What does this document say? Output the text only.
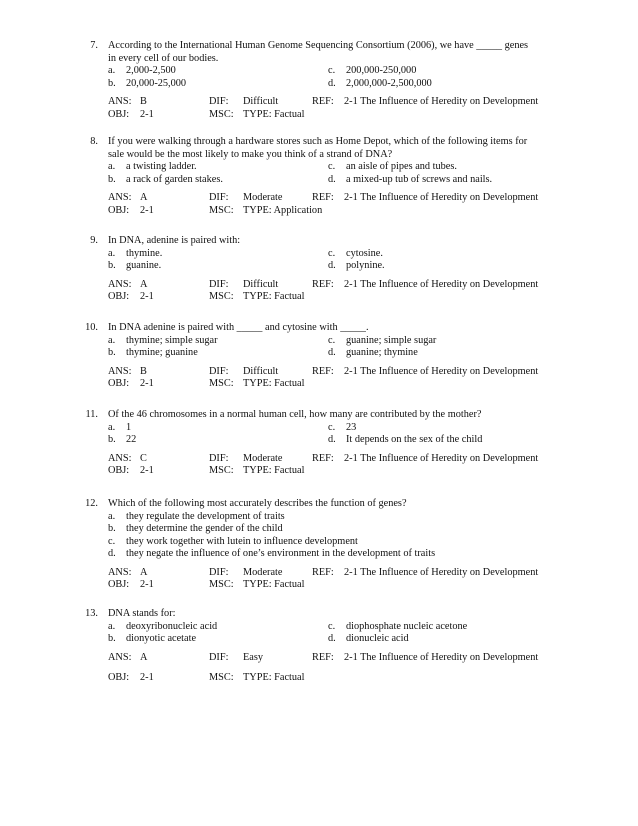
7. According to the International Human Genome Sequencing Consortium (2006), we have _____ genes
in every cell of our bodies.
a. 2,000-2,500	c. 200,000-250,000
b. 20,000-25,000	d. 2,000,000-2,500,000
ANS: B	DIF: Difficult	REF: 2-1 The Influence of Heredity on Development
OBJ: 2-1	MSC: TYPE: Factual
8. If you were walking through a hardware stores such as Home Depot, which of the following items for
sale would be the most likely to make you think of a strand of DNA?
a. a twisting ladder.	c. an aisle of pipes and tubes.
b. a rack of garden stakes.	d. a mixed-up tub of screws and nails.
ANS: A	DIF: Moderate	REF: 2-1 The Influence of Heredity on Development
OBJ: 2-1	MSC: TYPE: Application
9. In DNA, adenine is paired with:
a. thymine.	c. cytosine.
b. guanine.	d. polynine.
ANS: A	DIF: Difficult	REF: 2-1 The Influence of Heredity on Development
OBJ: 2-1	MSC: TYPE: Factual
10. In DNA adenine is paired with _____ and cytosine with _____.
a. thymine; simple sugar	c. guanine; simple sugar
b. thymine; guanine	d. guanine; thymine
ANS: B	DIF: Difficult	REF: 2-1 The Influence of Heredity on Development
OBJ: 2-1	MSC: TYPE: Factual
11. Of the 46 chromosomes in a normal human cell, how many are contributed by the mother?
a. 1	c. 23
b. 22	d. It depends on the sex of the child
ANS: C	DIF: Moderate	REF: 2-1 The Influence of Heredity on Development
OBJ: 2-1	MSC: TYPE: Factual
12. Which of the following most accurately describes the function of genes?
a. they regulate the development of traits
b. they determine the gender of the child
c. they work together with lutein to influence development
d. they negate the influence of one’s environment in the development of traits
ANS: A	DIF: Moderate	REF: 2-1 The Influence of Heredity on Development
OBJ: 2-1	MSC: TYPE: Factual
13. DNA stands for:
a. deoxyribonucleic acid	c. diophosphate nucleic acetone
b. dionyotic acetate	d. dionucleic acid
ANS: A	DIF: Easy	REF: 2-1 The Influence of Heredity on Development
OBJ: 2-1	MSC: TYPE: Factual
